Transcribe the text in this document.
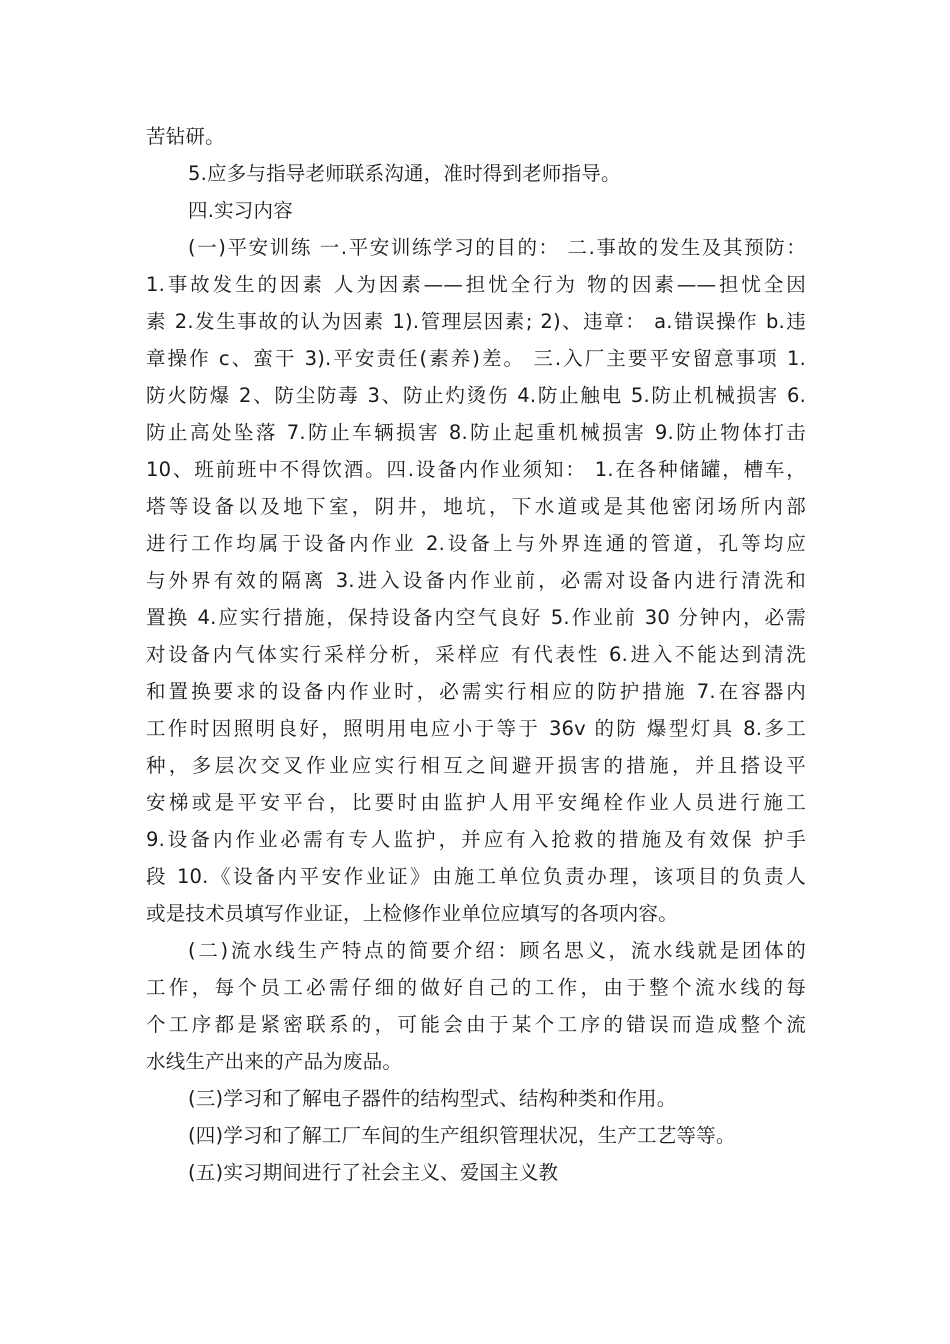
苦钻研。
5.应多与指导老师联系沟通，准时得到老师指导。
四.实习内容
(一)平安训练 一.平安训练学习的目的： 二.事故的发生及其预防：
1.事故发生的因素 人为因素——担忧全行为 物的因素——担忧全因
素 2.发生事故的认为因素 1).管理层因素; 2)、违章： a.错误操作 b.违
章操作 c、蛮干 3).平安责任(素养)差。 三.入厂主要平安留意事项 1.
防火防爆 2、防尘防毒 3、防止灼烫伤 4.防止触电 5.防止机械损害 6.
防止高处坠落 7.防止车辆损害 8.防止起重机械损害 9.防止物体打击
10、班前班中不得饮酒。四.设备内作业须知： 1.在各种储罐，槽车，
塔等设备以及地下室，阴井，地坑，下水道或是其他密闭场所内部
进行工作均属于设备内作业 2.设备上与外界连通的管道，孔等均应
与外界有效的隔离 3.进入设备内作业前，必需对设备内进行清洗和
置换 4.应实行措施，保持设备内空气良好 5.作业前 30 分钟内，必需
对设备内气体实行采样分析，采样应 有代表性 6.进入不能达到清洗
和置换要求的设备内作业时，必需实行相应的防护措施 7.在容器内
工作时因照明良好，照明用电应小于等于 36v 的防 爆型灯具 8.多工
种，多层次交叉作业应实行相互之间避开损害的措施，并且搭设平
安梯或是平安平台，比要时由监护人用平安绳栓作业人员进行施工
9.设备内作业必需有专人监护，并应有入抢救的措施及有效保 护手
段 10.《设备内平安作业证》由施工单位负责办理，该项目的负责人
或是技术员填写作业证，上检修作业单位应填写的各项内容。
(二)流水线生产特点的简要介绍：顾名思义，流水线就是团体的
工作，每个员工必需仔细的做好自己的工作，由于整个流水线的每
个工序都是紧密联系的，可能会由于某个工序的错误而造成整个流
水线生产出来的产品为废品。
(三)学习和了解电子器件的结构型式、结构种类和作用。
(四)学习和了解工厂车间的生产组织管理状况，生产工艺等等。
(五)实习期间进行了社会主义、爱国主义教
